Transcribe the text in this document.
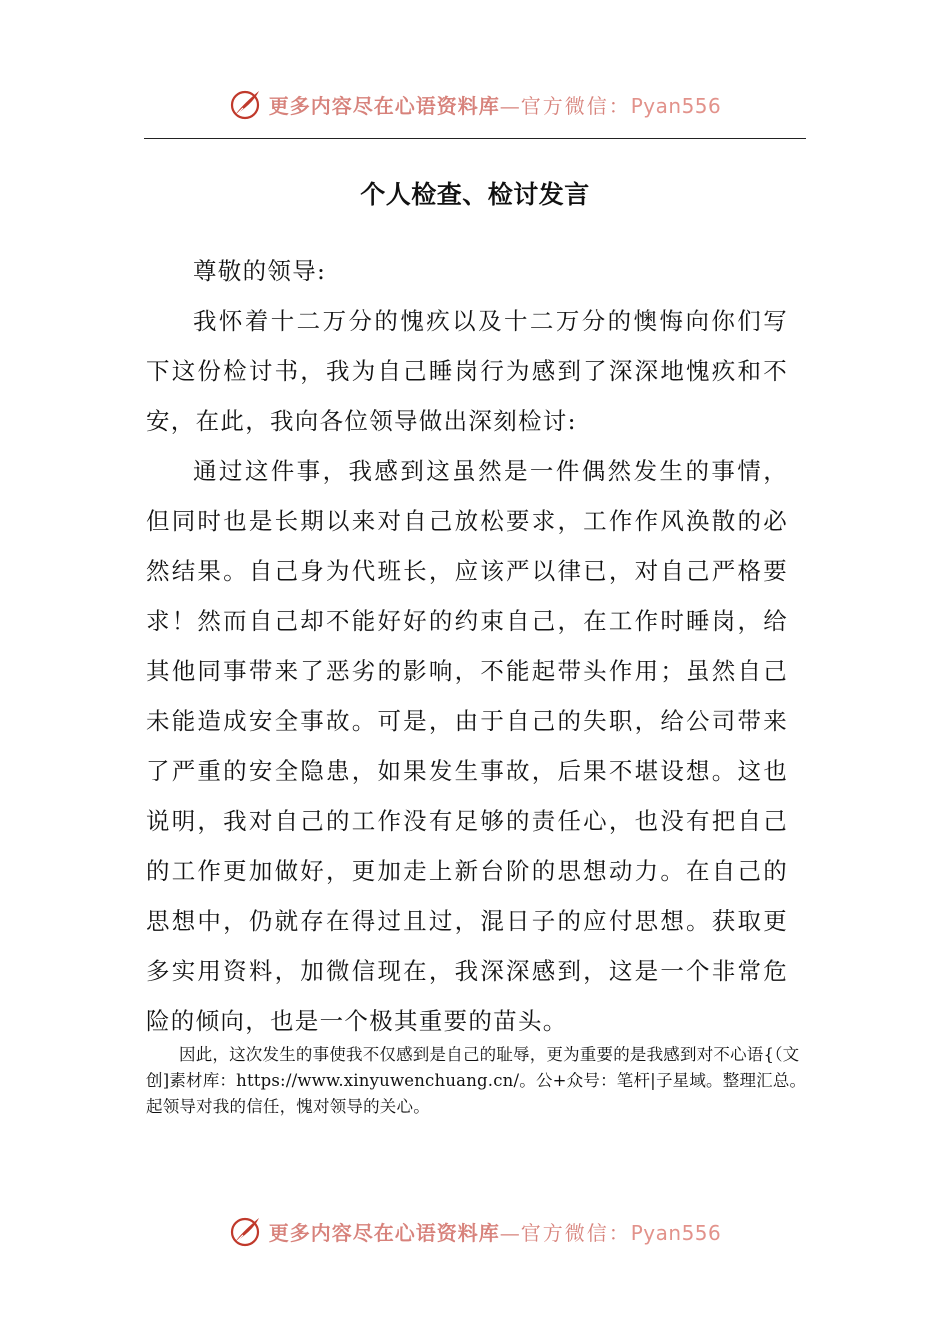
更多内容尽在心语资料库—官方微信：Pyan556
个人检查、检讨发言

尊敬的领导:

我怀着十二万分的愧疚以及十二万分的懊悔向你们写下这份检讨书，我为自己睡岗行为感到了深深地愧疚和不安，在此，我向各位领导做出深刻检讨:

通过这件事，我感到这虽然是一件偶然发生的事情，但同时也是长期以来对自己放松要求，工作作风涣散的必然结果。自己身为代班长，应该严以律已，对自己严格要求！然而自己却不能好好的约束自己，在工作时睡岗，给其他同事带来了恶劣的影响，不能起带头作用；虽然自己未能造成安全事故。可是，由于自己的失职，给公司带来了严重的安全隐患，如果发生事故，后果不堪设想。这也说明，我对自己的工作没有足够的责任心，也没有把自己的工作更加做好，更加走上新台阶的思想动力。在自己的思想中，仍就存在得过且过，混日子的应付思想。获取更多实用资料，加微信现在，我深深感到，这是一个非常危险的倾向，也是一个极其重要的苗头。

因此，这次发生的事使我不仅感到是自己的耻辱，更为重要的是我感到对不心语{（文创]素材库：https://www.xinyuwenchuang.cn/。公+众号：笔杆|子星域。整理汇总。起领导对我的信任，愧对领导的关心。

更多内容尽在心语资料库—官方微信：Pyan556
